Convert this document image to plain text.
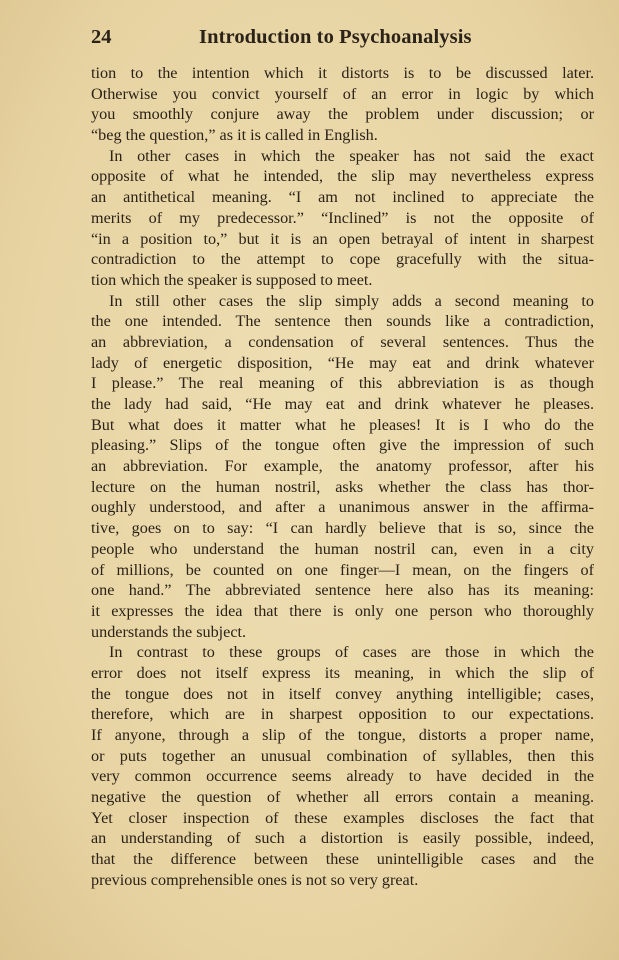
24	Introduction to Psychoanalysis
tion to the intention which it distorts is to be discussed later.
Otherwise you convict yourself of an error in logic by which
you smoothly conjure away the problem under discussion; or
“beg the question,” as it is called in English.
In other cases in which the speaker has not said the exact
opposite of what he intended, the slip may nevertheless express
an antithetical meaning. “I am not inclined to appreciate the
merits of my predecessor.” “Inclined” is not the opposite of
“in a position to,” but it is an open betrayal of intent in sharpest
contradiction to the attempt to cope gracefully with the situa-
tion which the speaker is supposed to meet.
In still other cases the slip simply adds a second meaning to
the one intended. The sentence then sounds like a contradiction,
an abbreviation, a condensation of several sentences. Thus the
lady of energetic disposition, “He may eat and drink whatever
I please.” The real meaning of this abbreviation is as though
the lady had said, “He may eat and drink whatever he pleases.
But what does it matter what he pleases! It is I who do the
pleasing.” Slips of the tongue often give the impression of such
an abbreviation. For example, the anatomy professor, after his
lecture on the human nostril, asks whether the class has thor-
oughly understood, and after a unanimous answer in the affirma-
tive, goes on to say: “I can hardly believe that is so, since the
people who understand the human nostril can, even in a city
of millions, be counted on one finger—I mean, on the fingers of
one hand.” The abbreviated sentence here also has its meaning:
it expresses the idea that there is only one person who thoroughly
understands the subject.
In contrast to these groups of cases are those in which the
error does not itself express its meaning, in which the slip of
the tongue does not in itself convey anything intelligible; cases,
therefore, which are in sharpest opposition to our expectations.
If anyone, through a slip of the tongue, distorts a proper name,
or puts together an unusual combination of syllables, then this
very common occurrence seems already to have decided in the
negative the question of whether all errors contain a meaning.
Yet closer inspection of these examples discloses the fact that
an understanding of such a distortion is easily possible, indeed,
that the difference between these unintelligible cases and the
previous comprehensible ones is not so very great.
